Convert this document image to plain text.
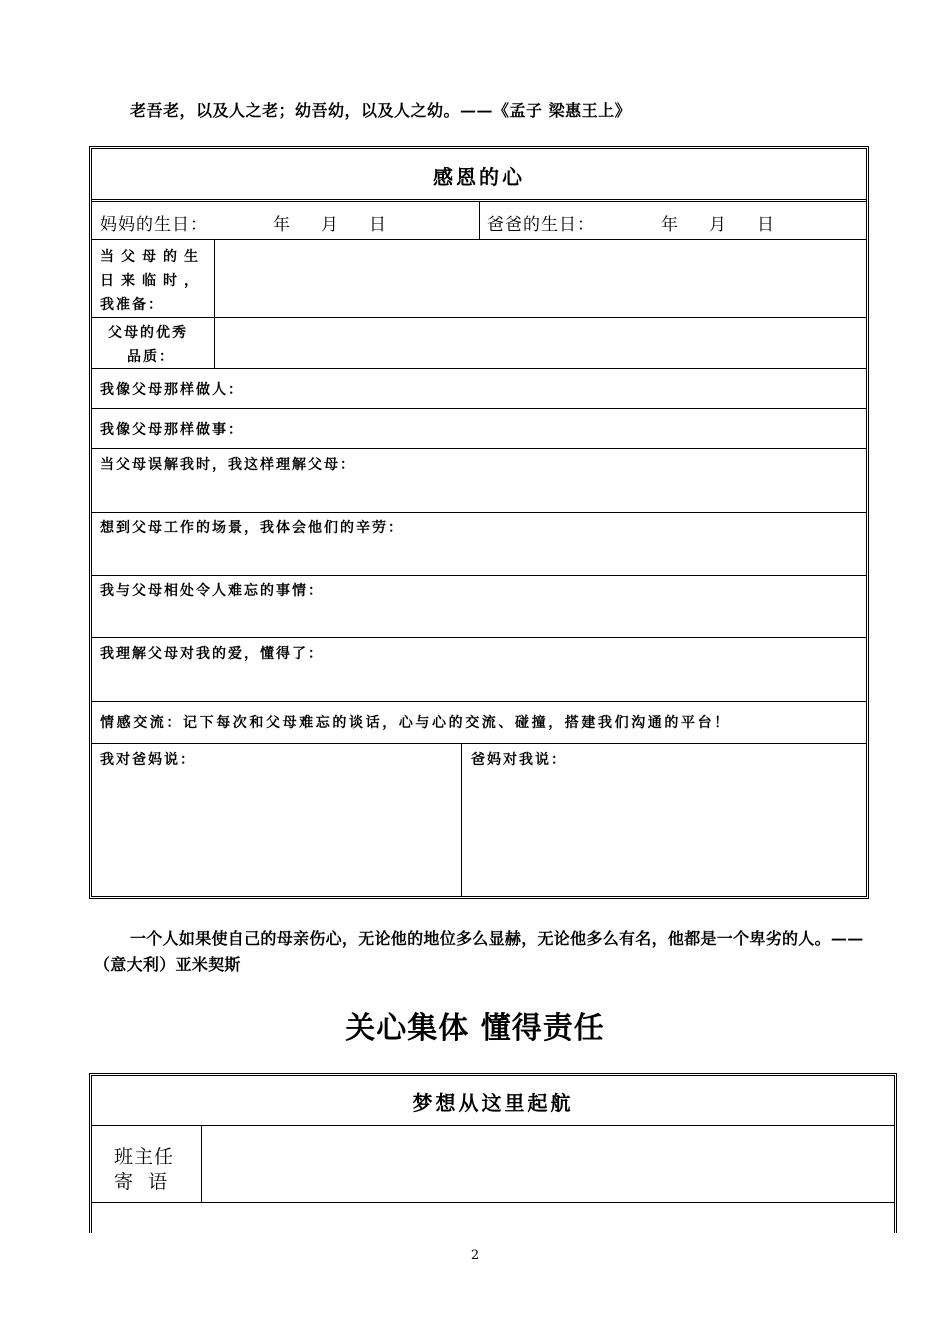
老吾老，以及人之老；幼吾幼，以及人之幼。——《孟子 梁惠王上》
感恩的心
妈妈的生日：	年 月 日	爸爸的生日：	年 月 日
当父母的生
日来临时，
我准备：
父母的优秀
品质：
我像父母那样做人：
我像父母那样做事：
当父母误解我时，我这样理解父母：
想到父母工作的场景，我体会他们的辛劳：
我与父母相处令人难忘的事情：
我理解父母对我的爱，懂得了：
情感交流：记下每次和父母难忘的谈话，心与心的交流、碰撞，搭建我们沟通的平台！
我对爸妈说：	爸妈对我说：
一个人如果使自己的母亲伤心，无论他的地位多么显赫，无论他多么有名，他都是一个卑劣的人。——（意大利）亚米契斯
关心集体 懂得责任
梦想从这里起航
班主任
寄  语
2
